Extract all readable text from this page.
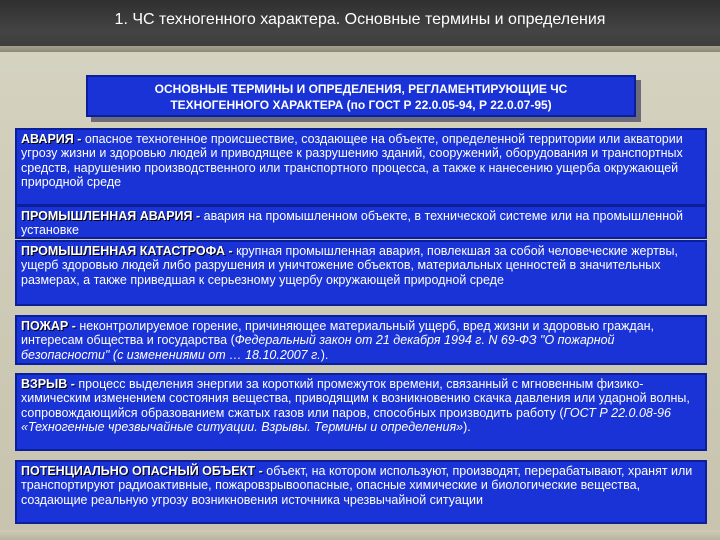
1. ЧС техногенного характера. Основные термины и определения
ОСНОВНЫЕ ТЕРМИНЫ И ОПРЕДЕЛЕНИЯ, РЕГЛАМЕНТИРУЮЩИЕ ЧС
ТЕХНОГЕННОГО ХАРАКТЕРА (по ГОСТ Р 22.0.05-94, Р 22.0.07-95)
АВАРИЯ - опасное техногенное происшествие, создающее на объекте, определенной территории или акватории угрозу жизни и здоровью людей и приводящее к разрушению зданий, сооружений, оборудования и транспортных средств, нарушению производственного или транспортного процесса, а также к нанесению ущерба окружающей природной среде
ПРОМЫШЛЕННАЯ АВАРИЯ - авария на промышленном объекте, в технической системе или на промышленной установке
ПРОМЫШЛЕННАЯ КАТАСТРОФА - крупная промышленная авария, повлекшая за собой человеческие жертвы, ущерб здоровью людей либо разрушения и уничтожение объектов, материальных ценностей в значительных размерах, а также приведшая к серьезному ущербу окружающей природной среде
ПОЖАР - неконтролируемое горение, причиняющее материальный ущерб, вред жизни и здоровью граждан, интересам общества и государства (Федеральный закон от 21 декабря 1994 г. N 69-ФЗ "О пожарной безопасности" (с изменениями от … 18.10.2007 г.).
ВЗРЫВ - процесс выделения энергии за короткий промежуток времени, связанный с мгновенным физико-химическим изменением состояния вещества, приводящим к возникновению скачка давления или ударной волны, сопровождающийся образованием сжатых газов или паров, способных производить работу (ГОСТ Р 22.0.08-96 «Техногенные чрезвычайные ситуации. Взрывы. Термины и определения»).
ПОТЕНЦИАЛЬНО ОПАСНЫЙ ОБЪЕКТ - объект, на котором используют, производят, перерабатывают, хранят или транспортируют радиоактивные, пожаровзрывоопасные, опасные химические и биологические вещества, создающие реальную угрозу возникновения источника чрезвычайной ситуации
